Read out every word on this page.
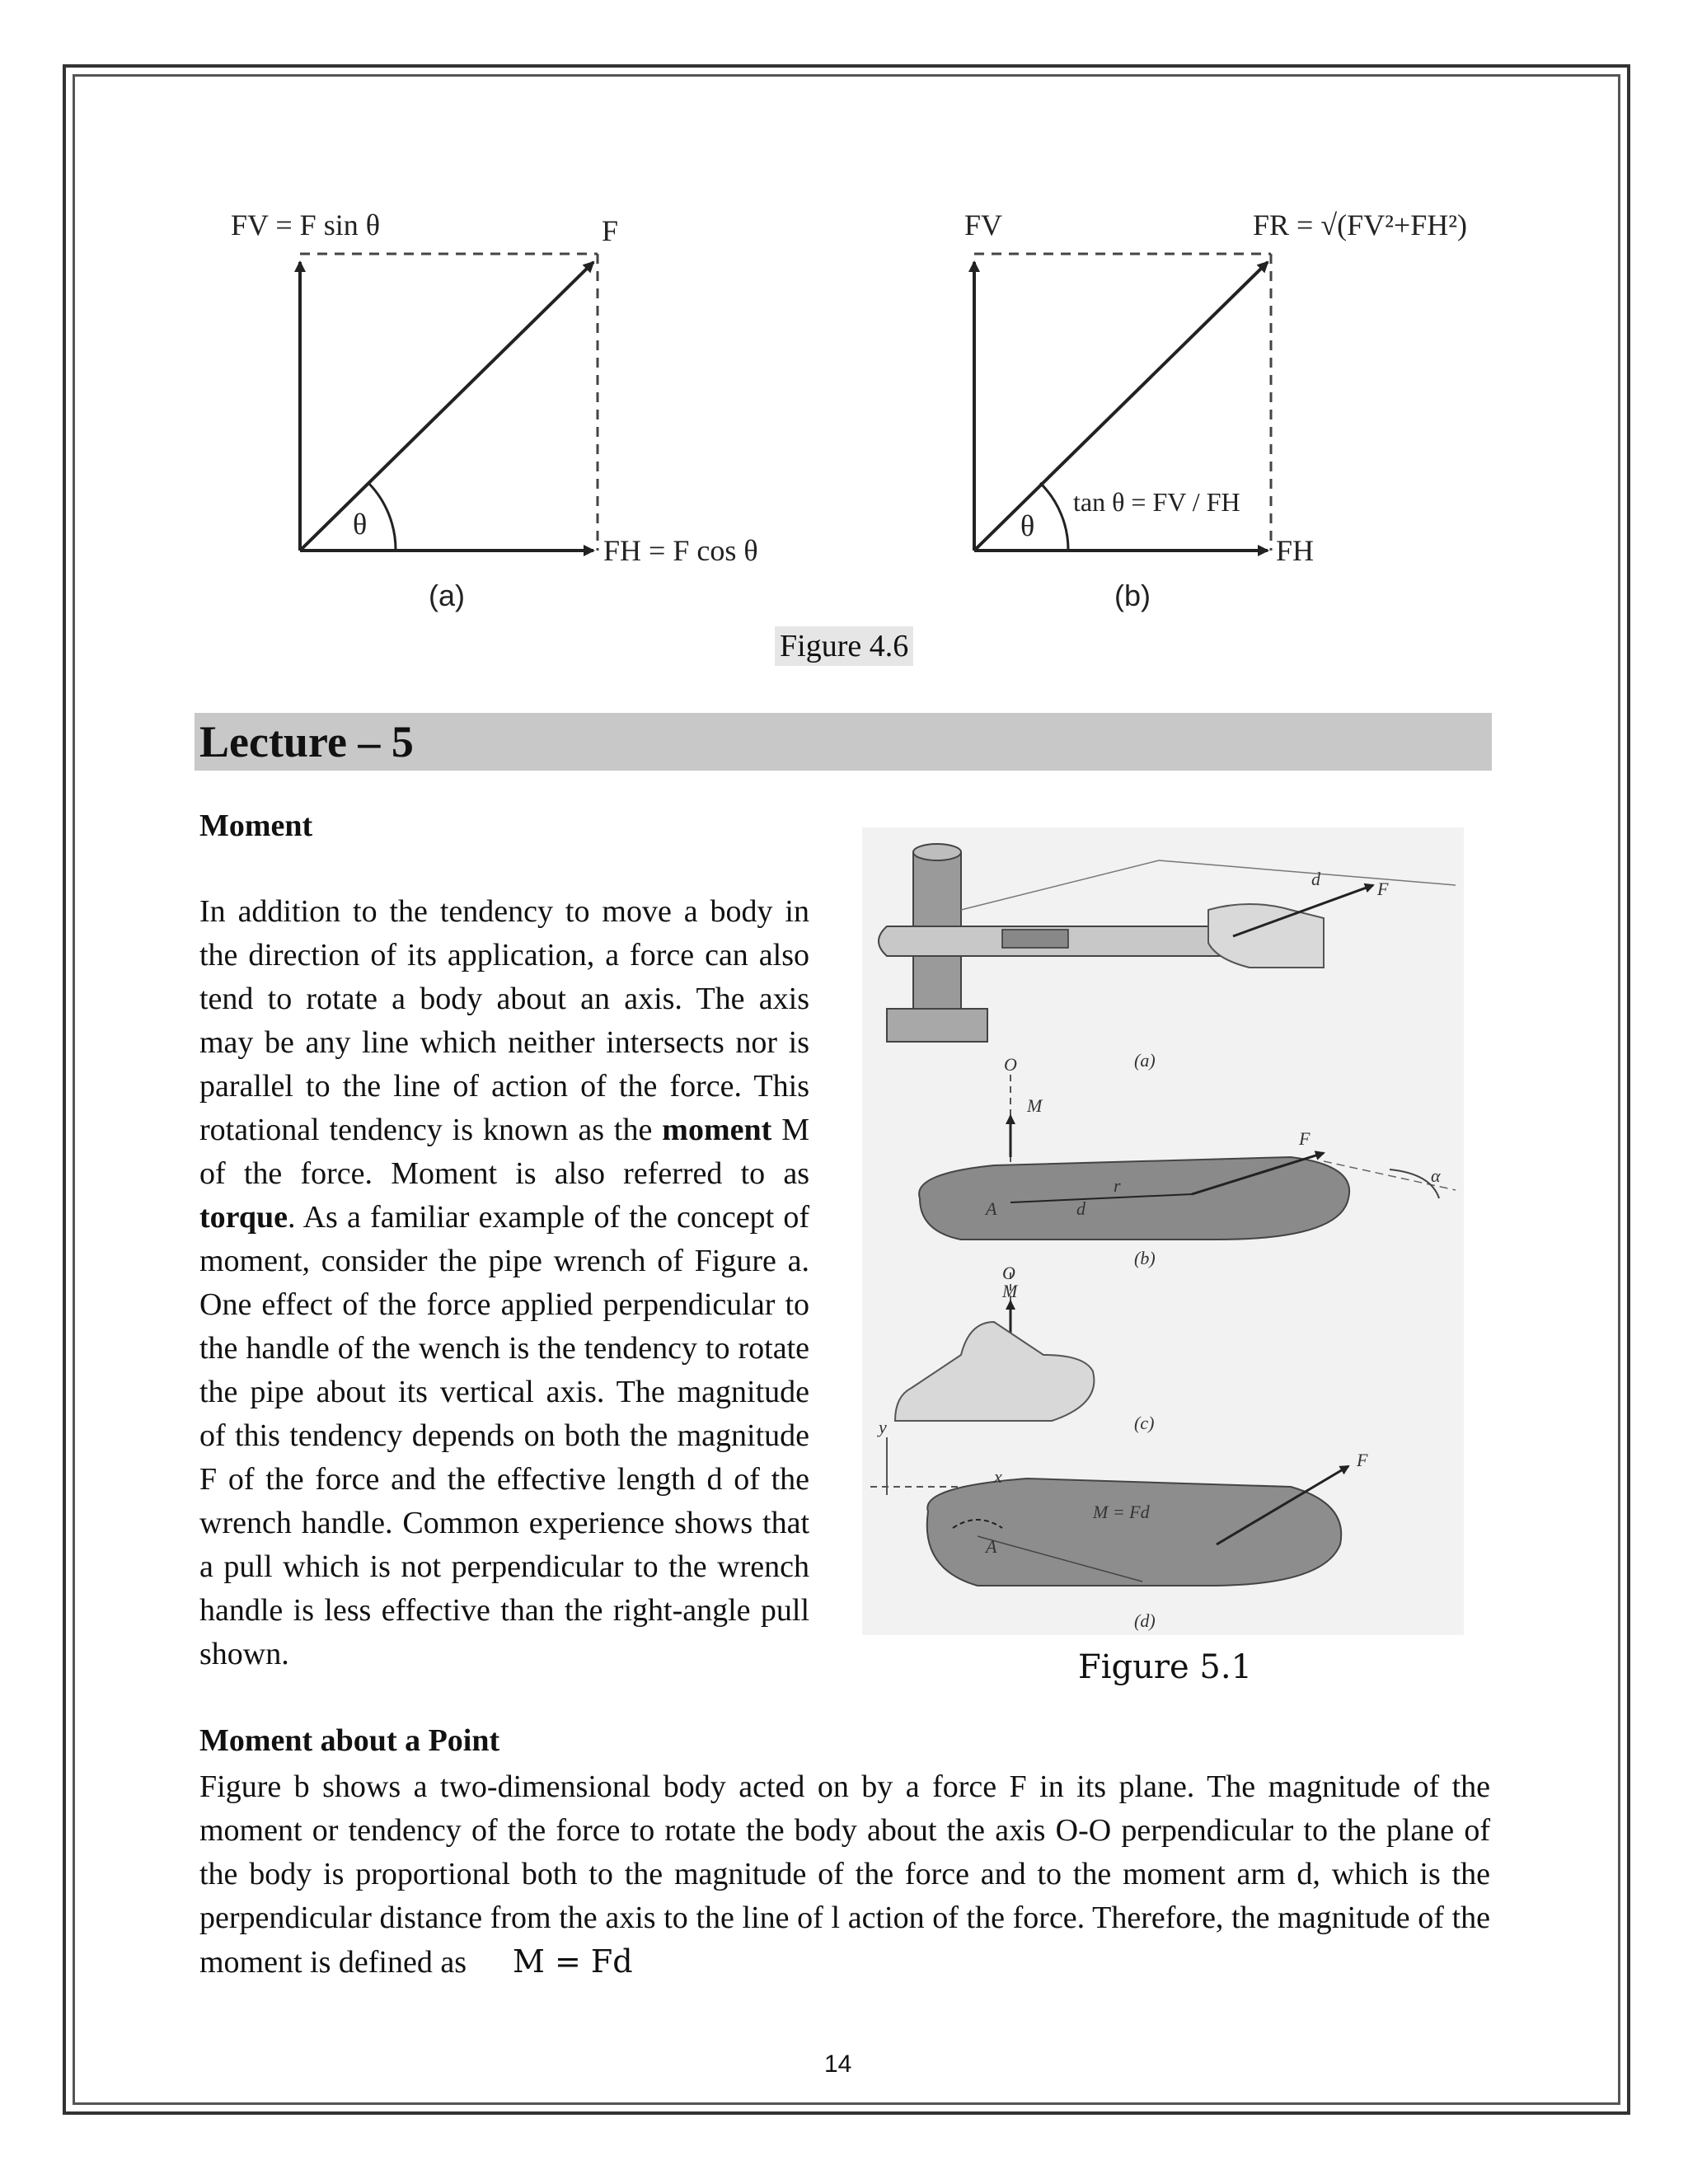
θ
FV = F sin θ	F
FH = F cos θ
(a)
θ
tan θ = FV / FH
FV	FR = √(FV²+FH²)
FH
(b)
Figure 4.6
Lecture – 5
Moment
In addition to the tendency to move a body in the direction of its application, a force can also tend to rotate a body about an axis. The axis may be any line which neither intersects nor is parallel to the line of action of the force. This rotational tendency is known as the moment M of the force. Moment is also referred to as torque. As a familiar example of the concept of moment, consider the pipe wrench of Figure a. One effect of the force applied perpendicular to the handle of the wench is the tendency to rotate the pipe about its vertical axis. The magnitude of this tendency depends on both the magnitude F of the force and the effective length d of the wrench handle. Common experience shows that a pull which is not perpendicular to the wrench handle is less effective than the right-angle pull shown.
d	F
(a)
O
M
F
r
d
A
α
(b)
O
M
(c)
y
x
M = Fd
F
A
(d)
Figure 5.1
Moment about a Point
Figure b shows a two-dimensional body acted on by a force F in its plane. The magnitude of the moment or tendency of the force to rotate the body about the axis O-O perpendicular to the plane of the body is proportional both to the magnitude of the force and to the moment arm d, which is the perpendicular distance from the axis to the line of l action of the force. Therefore, the magnitude of the moment is defined as M = Fd
14
